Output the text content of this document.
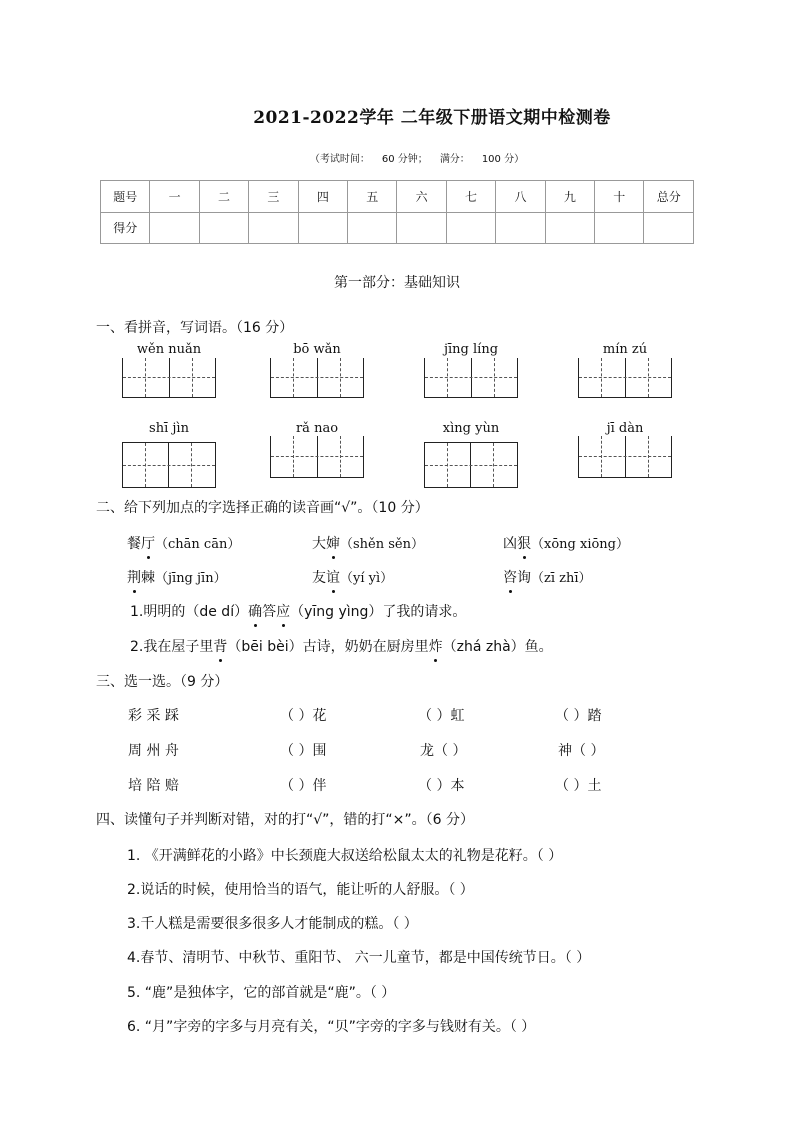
2021-2022学年 二年级下册语文期中检测卷
（考试时间： 60 分钟； 满分： 100 分）
题号	一	二	三	四	五	六	七	八	九	十	总分
得分											
第一部分：基础知识
一、看拼音，写词语。（16 分）
wěn nuǎn	bō wǎn	jīng líng	mín zú
shī jìn	rǎ nao	xìng yùn	jī dàn
二、给下列加点的字选择正确的读音画“√”。（10 分）
餐厅（chān cān）	大婶（shěn sěn）	凶狠（xōng xiōng）
荆棘（jīng jīn）	友谊（yí yì）	咨询（zī zhī）
1.明明的（de dí）确答应（yīng yìng）了我的请求。
2.我在屋子里背（bēi bèi）古诗，奶奶在厨房里炸（zhá zhà）鱼。
三、选一选。（9 分）
彩 采 踩	（ ）花	（ ）虹	（ ）踏
周 州 舟	（ ）围	龙（ ）	神（ ）
培 陪 赔	（ ）伴	（ ）本	（ ）土
四、读懂句子并判断对错，对的打“√”，错的打“×”。（6 分）
1. 《开满鲜花的小路》中长颈鹿大叔送给松鼠太太的礼物是花籽。（ ）
2.说话的时候，使用恰当的语气，能让听的人舒服。（ ）
3.千人糕是需要很多很多人才能制成的糕。（ ）
4.春节、清明节、中秋节、重阳节、 六一儿童节，都是中国传统节日。（ ）
5. “鹿”是独体字，它的部首就是“鹿”。（ ）
6. “月”字旁的字多与月亮有关，“贝”字旁的字多与钱财有关。（ ）
